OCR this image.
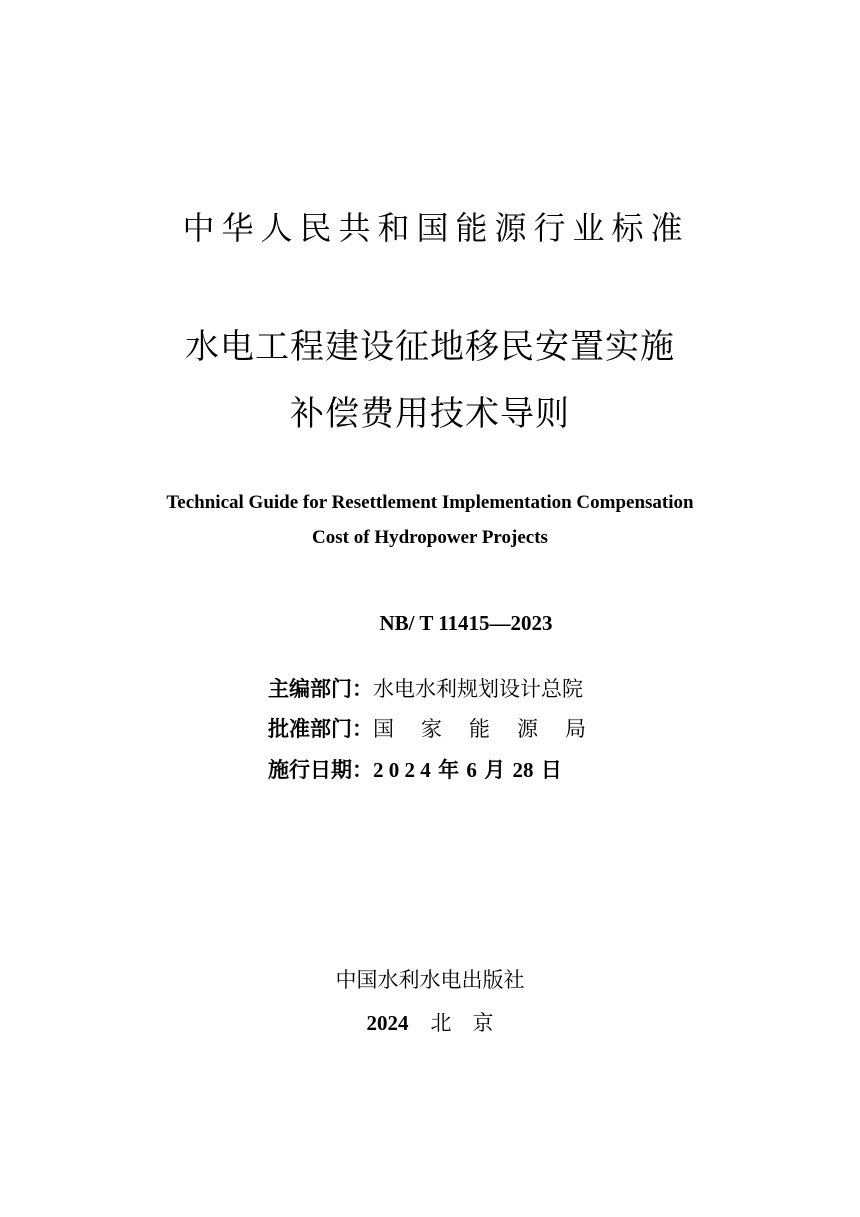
中华人民共和国能源行业标准
水电工程建设征地移民安置实施
补偿费用技术导则
Technical Guide for Resettlement Implementation Compensation
Cost of Hydropower Projects
NB/ T 11415—2023
主编部门：水电水利规划设计总院
批准部门：国 家 能 源 局
施行日期：2 0 2 4 年 6 月 28 日
中国水利水电出版社
2024 北　京
